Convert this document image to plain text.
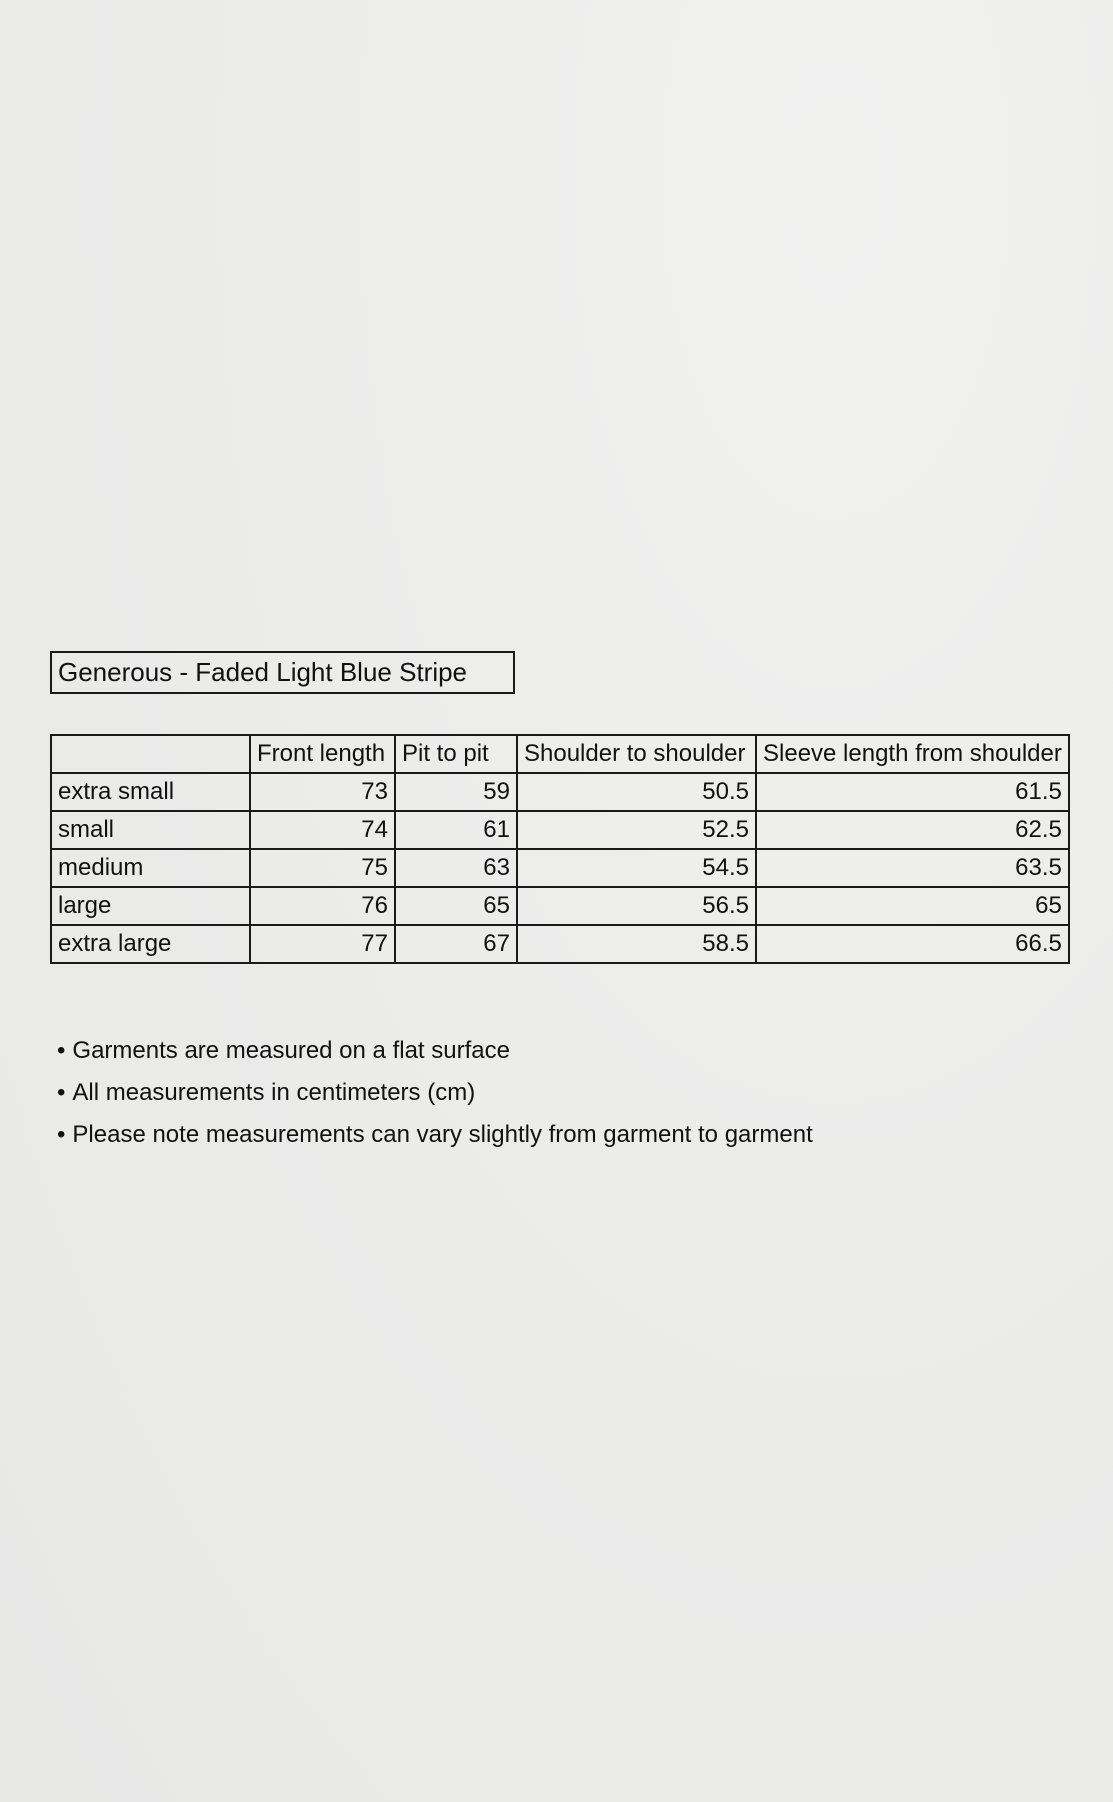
Generous - Faded Light Blue Stripe
	Front length	Pit to pit	Shoulder to shoulder	Sleeve length from shoulder
extra small	73	59	50.5	61.5
small	74	61	52.5	62.5
medium	75	63	54.5	63.5
large	76	65	56.5	65
extra large	77	67	58.5	66.5
• Garments are measured on a flat surface
• All measurements in centimeters (cm)
• Please note measurements can vary slightly from garment to garment
